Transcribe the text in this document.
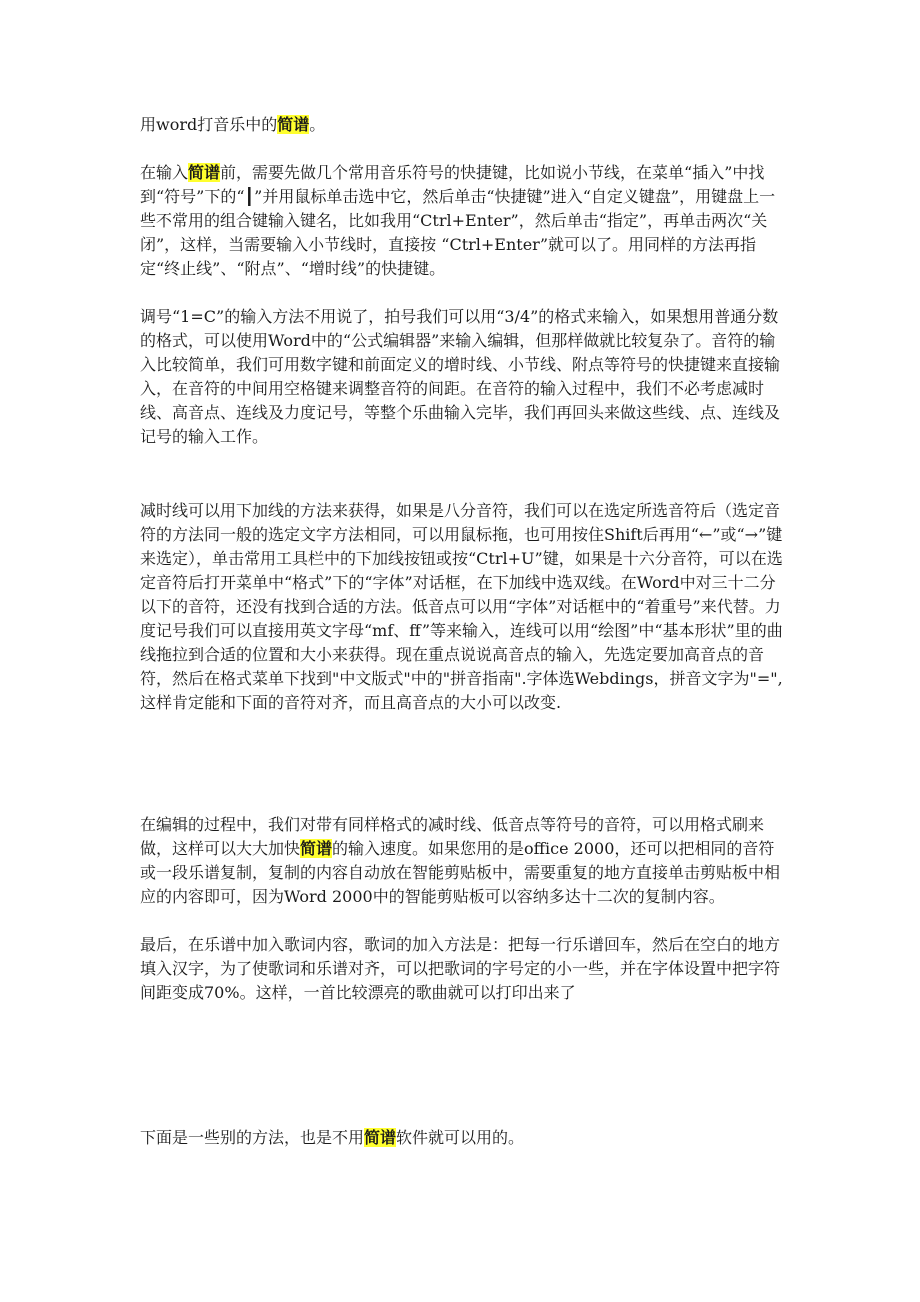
用word打音乐中的简谱。

在输入简谱前，需要先做几个常用音乐符号的快捷键，比如说小节线，在菜单“插入”中找到“符号”下的“┃”并用鼠标单击选中它，然后单击“快捷键”进入“自定义键盘”，用键盘上一些不常用的组合键输入键名，比如我用“Ctrl+Enter”，然后单击“指定”，再单击两次“关闭”，这样，当需要输入小节线时，直接按 “Ctrl+Enter”就可以了。用同样的方法再指定“终止线”、“附点”、“增时线”的快捷键。

调号“1=C”的输入方法不用说了，拍号我们可以用“3/4”的格式来输入，如果想用普通分数的格式，可以使用Word中的“公式编辑器”来输入编辑，但那样做就比较复杂了。音符的输入比较简单，我们可用数字键和前面定义的增时线、小节线、附点等符号的快捷键来直接输入，在音符的中间用空格键来调整音符的间距。在音符的输入过程中，我们不必考虑减时线、高音点、连线及力度记号，等整个乐曲输入完毕，我们再回头来做这些线、点、连线及记号的输入工作。

减时线可以用下加线的方法来获得，如果是八分音符，我们可以在选定所选音符后（选定音符的方法同一般的选定文字方法相同，可以用鼠标拖，也可用按住Shift后再用“←”或“→”键来选定），单击常用工具栏中的下加线按钮或按“Ctrl+U”键，如果是十六分音符，可以在选定音符后打开菜单中“格式”下的“字体”对话框，在下加线中选双线。在Word中对三十二分以下的音符，还没有找到合适的方法。低音点可以用“字体”对话框中的“着重号”来代替。力度记号我们可以直接用英文字母“mf、ff”等来输入，连线可以用“绘图”中“基本形状”里的曲线拖拉到合适的位置和大小来获得。现在重点说说高音点的输入，先选定要加高音点的音符，然后在格式菜单下找到"中文版式"中的"拼音指南".字体选Webdings，拼音文字为"=",这样肯定能和下面的音符对齐，而且高音点的大小可以改变.

在编辑的过程中，我们对带有同样格式的减时线、低音点等符号的音符，可以用格式刷来做，这样可以大大加快简谱的输入速度。如果您用的是office 2000，还可以把相同的音符或一段乐谱复制，复制的内容自动放在智能剪贴板中，需要重复的地方直接单击剪贴板中相应的内容即可，因为Word 2000中的智能剪贴板可以容纳多达十二次的复制内容。

最后，在乐谱中加入歌词内容，歌词的加入方法是：把每一行乐谱回车，然后在空白的地方填入汉字，为了使歌词和乐谱对齐，可以把歌词的字号定的小一些，并在字体设置中把字符间距变成70%。这样，一首比较漂亮的歌曲就可以打印出来了

下面是一些别的方法，也是不用简谱软件就可以用的。
